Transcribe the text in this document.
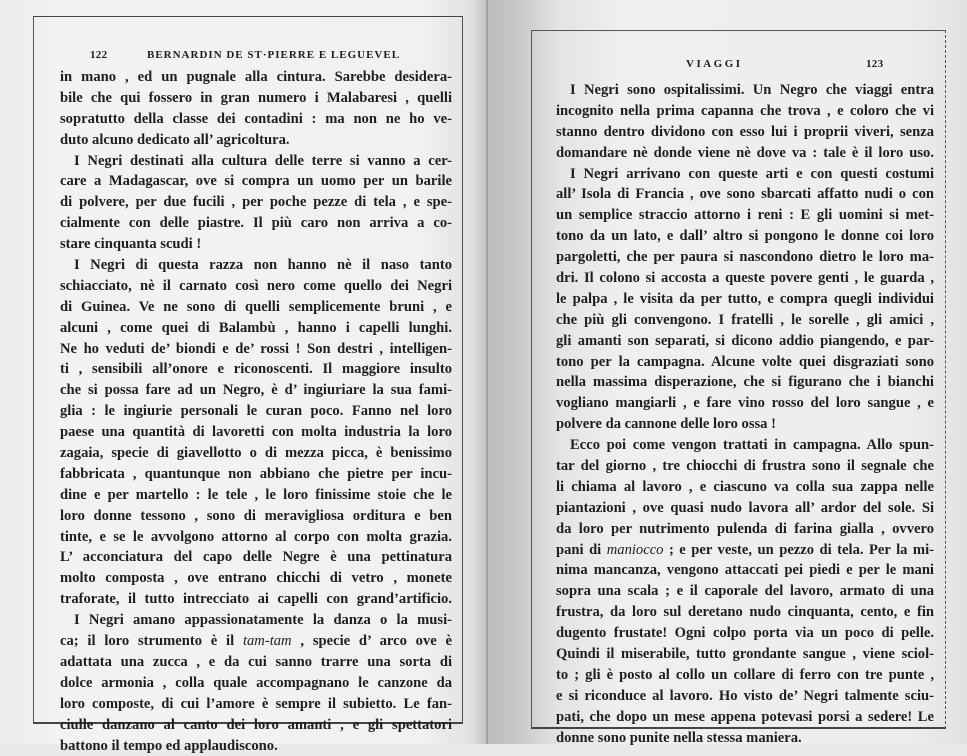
122	BERNARDIN DE ST·PIERRE E LEGUEVEL
in mano , ed un pugnale alla cintura. Sarebbe desidera-
bile che qui fossero in gran numero i Malabaresi , quelli
sopratutto della classe dei contadini : ma non ne ho ve-
duto alcuno dedicato all’ agricoltura.
I Negri destinati alla cultura delle terre si vanno a cer-
care a Madagascar, ove si compra un uomo per un barile
di polvere, per due fucili , per poche pezze di tela , e spe-
cialmente con delle piastre. Il più caro non arriva a co-
stare cinquanta scudi !
I Negri di questa razza non hanno nè il naso tanto
schiacciato, nè il carnato così nero come quello dei Negri
di Guinea. Ve ne sono di quelli semplicemente bruni , e
alcuni , come quei di Balambù , hanno i capelli lunghi.
Ne ho veduti de’ biondi e de’ rossi ! Son destri , intelligen-
ti , sensibili all’onore e riconoscenti. Il maggiore insulto
che si possa fare ad un Negro, è d’ ingiuriare la sua fami-
glia : le ingiurie personali le curan poco. Fanno nel loro
paese una quantità di lavoretti con molta industria la loro
zagaia, specie di giavellotto o di mezza picca, è benissimo
fabbricata , quantunque non abbiano che pietre per incu-
dine e per martello : le tele , le loro finissime stoie che le
loro donne tessono , sono di meravigliosa orditura e ben
tinte, e se le avvolgono attorno al corpo con molta grazia.
L’ acconciatura del capo delle Negre è una pettinatura
molto composta , ove entrano chicchi di vetro , monete
traforate, il tutto intrecciato ai capelli con grand’artificio.
I Negri amano appassionatamente la danza o la musi-
ca; il loro strumento è il tam-tam , specie d’ arco ove è
adattata una zucca , e da cui sanno trarre una sorta di
dolce armonia , colla quale accompagnano le canzone da
loro composte, di cui l’amore è sempre il subietto. Le fan-
ciulle danzano al canto dei loro amanti , e gli spettatori
battono il tempo ed applaudiscono.
VIAGGI	123
I Negri sono ospitalissimi. Un Negro che viaggi entra
incognito nella prima capanna che trova , e coloro che vi
stanno dentro dividono con esso lui i proprii viveri, senza
domandare nè donde viene nè dove va : tale è il loro uso.
I Negri arrivano con queste arti e con questi costumi
all’ Isola di Francia , ove sono sbarcati affatto nudi o con
un semplice straccio attorno i reni : E gli uomini si met-
tono da un lato, e dall’ altro si pongono le donne coi loro
pargoletti, che per paura si nascondono dietro le loro ma-
dri. Il colono si accosta a queste povere genti , le guarda ,
le palpa , le visita da per tutto, e compra quegli individui
che più gli convengono. I fratelli , le sorelle , gli amici ,
gli amanti son separati, si dicono addio piangendo, e par-
tono per la campagna. Alcune volte quei disgraziati sono
nella massima disperazione, che si figurano che i bianchi
vogliano mangiarli , e fare vino rosso del loro sangue , e
polvere da cannone delle loro ossa !
Ecco poi come vengon trattati in campagna. Allo spun-
tar del giorno , tre chiocchi di frustra sono il segnale che
li chiama al lavoro , e ciascuno va colla sua zappa nelle
piantazioni , ove quasi nudo lavora all’ ardor del sole. Si
da loro per nutrimento pulenda di farina gialla , ovvero
pani di maniocco ; e per veste, un pezzo di tela. Per la mi-
nima mancanza, vengono attaccati pei piedi e per le mani
sopra una scala ; e il caporale del lavoro, armato di una
frustra, da loro sul deretano nudo cinquanta, cento, e fin
dugento frustate! Ogni colpo porta via un poco di pelle.
Quindi il miserabile, tutto grondante sangue , viene sciol-
to ; gli è posto al collo un collare di ferro con tre punte ,
e si riconduce al lavoro. Ho visto de’ Negri talmente sciu-
pati, che dopo un mese appena potevasi porsi a sedere! Le
donne sono punite nella stessa maniera.
